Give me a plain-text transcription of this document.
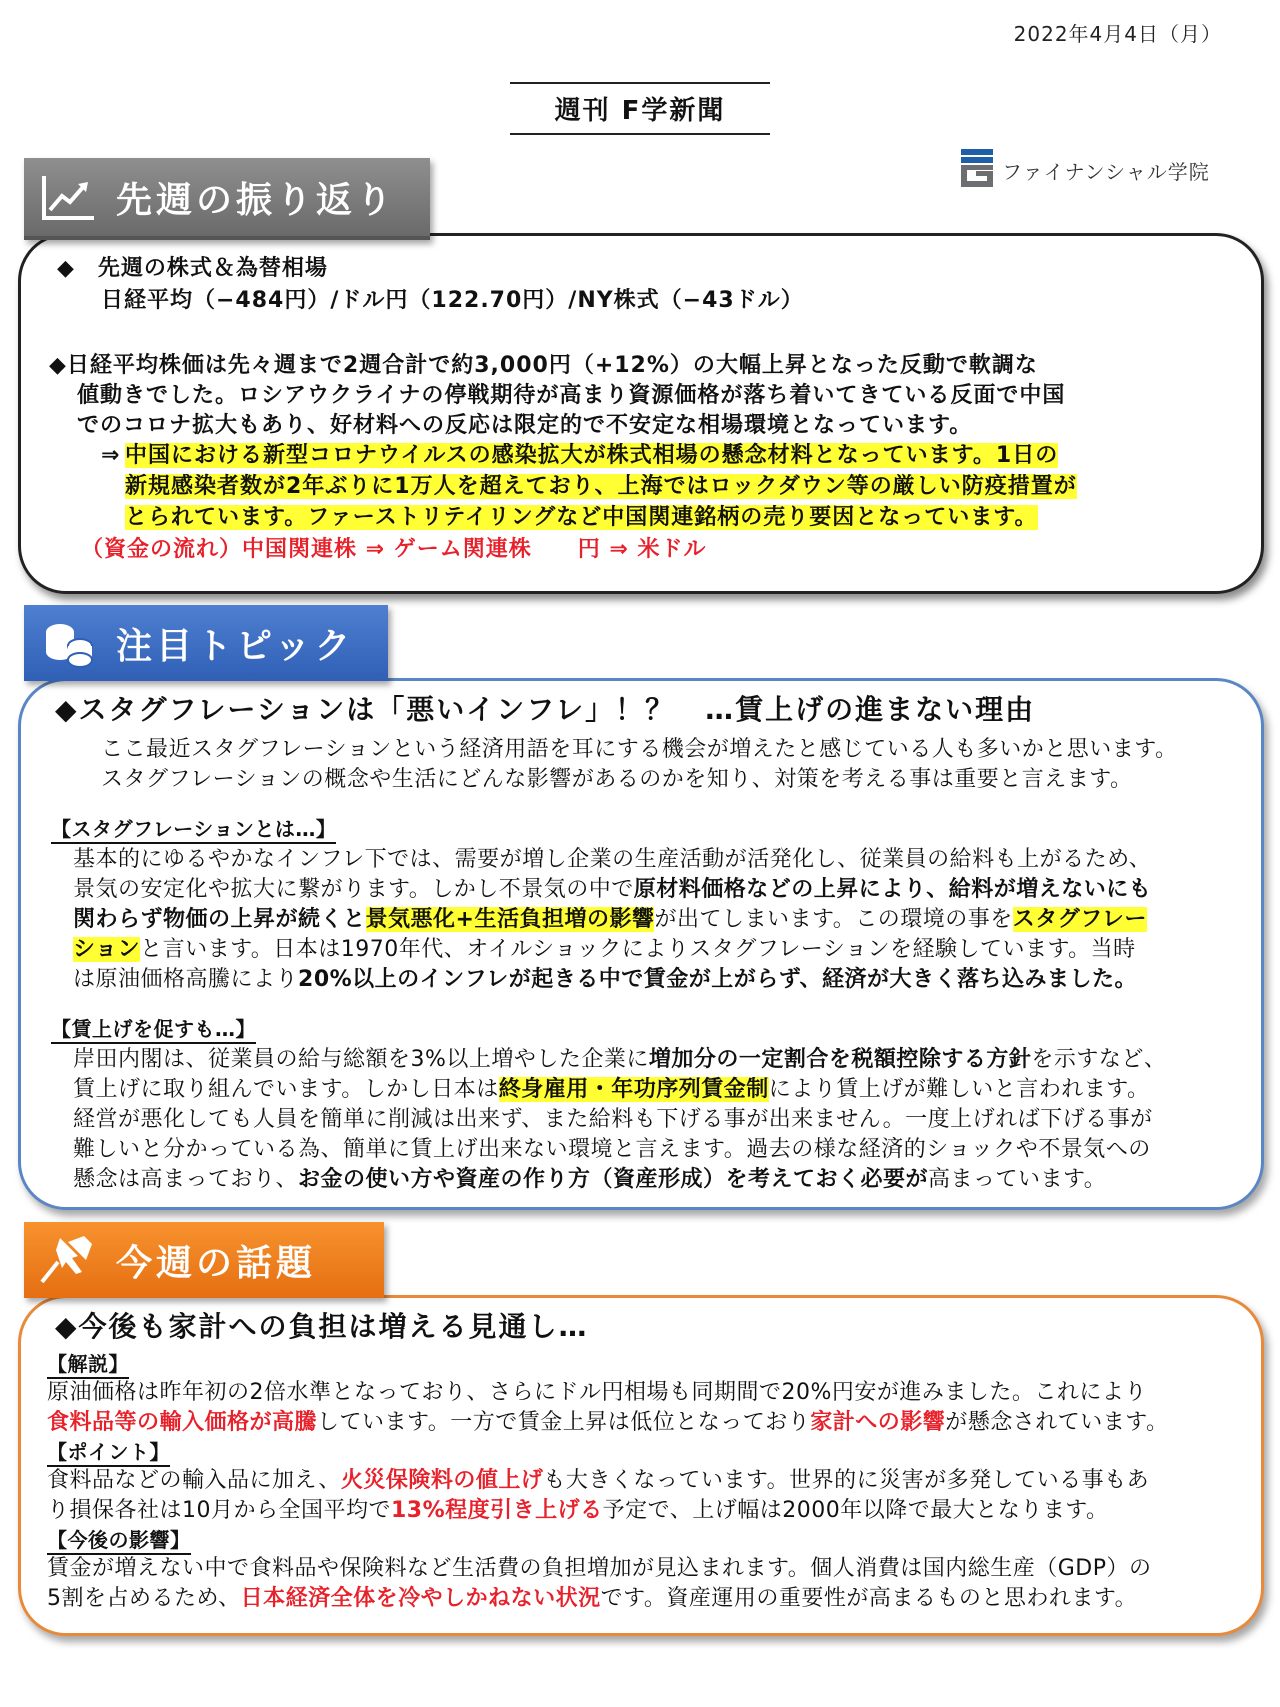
2022年4月4日（月）
週刊 F学新聞
ファイナンシャル学院
◆　先週の株式＆為替相場
日経平均（−484円）/ドル円（122.70円）/NY株式（−43ドル）
◆日経平均株価は先々週まで2週合計で約3,000円（+12%）の大幅上昇となった反動で軟調な
値動きでした。ロシアウクライナの停戦期待が高まり資源価格が落ち着いてきている反面で中国
でのコロナ拡大もあり、好材料への反応は限定的で不安定な相場環境となっています。
⇒ 中国における新型コロナウイルスの感染拡大が株式相場の懸念材料となっています。1日の
新規感染者数が2年ぶりに1万人を超えており、上海ではロックダウン等の厳しい防疫措置が
とられています。ファーストリテイリングなど中国関連銘柄の売り要因となっています。
（資金の流れ）中国関連株 ⇒ ゲーム関連株　　円 ⇒ 米ドル
先週の振り返り
◆スタグフレーションは「悪いインフレ」！？　…賃上げの進まない理由
ここ最近スタグフレーションという経済用語を耳にする機会が増えたと感じている人も多いかと思います。
スタグフレーションの概念や生活にどんな影響があるのかを知り、対策を考える事は重要と言えます。
【スタグフレーションとは…】
基本的にゆるやかなインフレ下では、需要が増し企業の生産活動が活発化し、従業員の給料も上がるため、
景気の安定化や拡大に繋がります。しかし不景気の中で原材料価格などの上昇により、給料が増えないにも
関わらず物価の上昇が続くと景気悪化+生活負担増の影響が出てしまいます。この環境の事をスタグフレー
ションと言います。日本は1970年代、オイルショックによりスタグフレーションを経験しています。当時
は原油価格高騰により20%以上のインフレが起きる中で賃金が上がらず、経済が大きく落ち込みました。
【賃上げを促すも…】
岸田内閣は、従業員の給与総額を3%以上増やした企業に増加分の一定割合を税額控除する方針を示すなど、
賃上げに取り組んでいます。しかし日本は終身雇用・年功序列賃金制により賃上げが難しいと言われます。
経営が悪化しても人員を簡単に削減は出来ず、また給料も下げる事が出来ません。一度上げれば下げる事が
難しいと分かっている為、簡単に賃上げ出来ない環境と言えます。過去の様な経済的ショックや不景気への
懸念は高まっており、お金の使い方や資産の作り方（資産形成）を考えておく必要が高まっています。
注目トピック
◆今後も家計への負担は増える見通し…
【解説】
原油価格は昨年初の2倍水準となっており、さらにドル円相場も同期間で20%円安が進みました。これにより
食料品等の輸入価格が高騰しています。一方で賃金上昇は低位となっており家計への影響が懸念されています。
【ポイント】
食料品などの輸入品に加え、火災保険料の値上げも大きくなっています。世界的に災害が多発している事もあ
り損保各社は10月から全国平均で13%程度引き上げる予定で、上げ幅は2000年以降で最大となります。
【今後の影響】
賃金が増えない中で食料品や保険料など生活費の負担増加が見込まれます。個人消費は国内総生産（GDP）の
5割を占めるため、日本経済全体を冷やしかねない状況です。資産運用の重要性が高まるものと思われます。
今週の話題
